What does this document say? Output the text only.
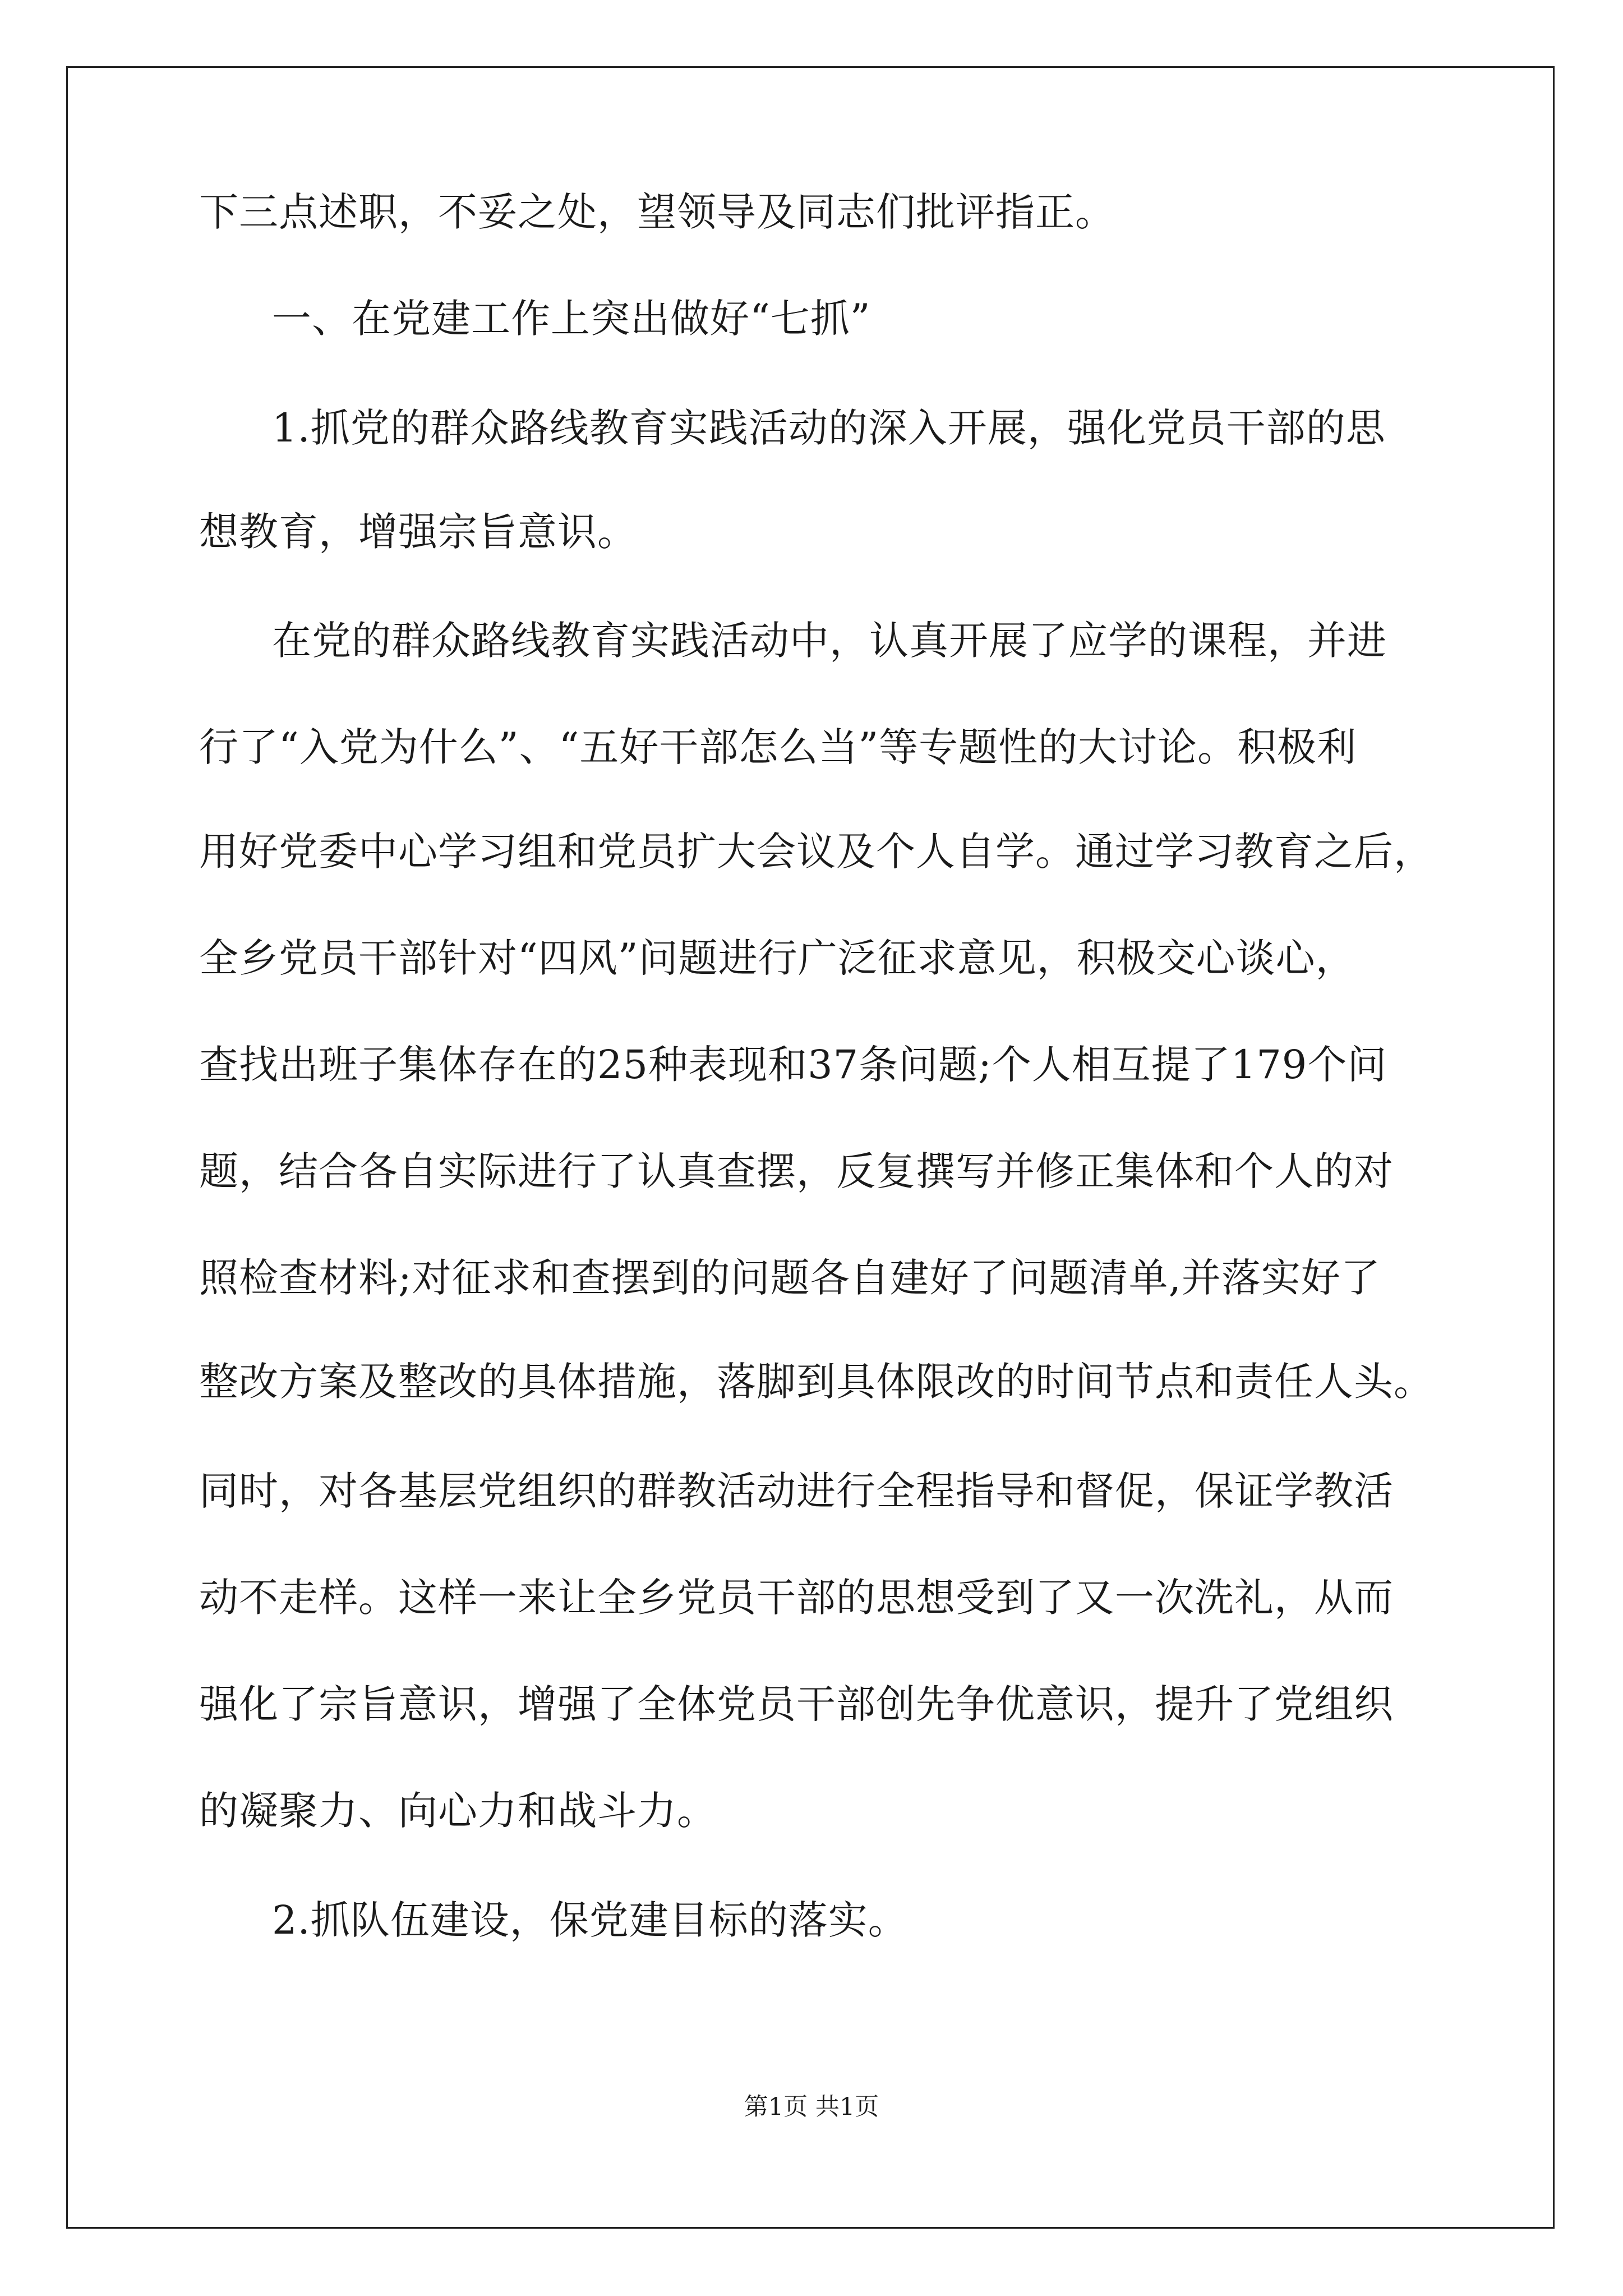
下三点述职，不妥之处，望领导及同志们批评指正。
一、在党建工作上突出做好“七抓”
1.抓党的群众路线教育实践活动的深入开展，强化党员干部的思
想教育，增强宗旨意识。
在党的群众路线教育实践活动中，认真开展了应学的课程，并进
行了“入党为什么”、“五好干部怎么当”等专题性的大讨论。积极利
用好党委中心学习组和党员扩大会议及个人自学。通过学习教育之后，
全乡党员干部针对“四风”问题进行广泛征求意见，积极交心谈心，
查找出班子集体存在的25种表现和37条问题;个人相互提了179个问
题，结合各自实际进行了认真查摆，反复撰写并修正集体和个人的对
照检查材料;对征求和查摆到的问题各自建好了问题清单,并落实好了
整改方案及整改的具体措施，落脚到具体限改的时间节点和责任人头。
同时，对各基层党组织的群教活动进行全程指导和督促，保证学教活
动不走样。这样一来让全乡党员干部的思想受到了又一次洗礼，从而
强化了宗旨意识，增强了全体党员干部创先争优意识，提升了党组织
的凝聚力、向心力和战斗力。
2.抓队伍建设，保党建目标的落实。
第1页 共1页
